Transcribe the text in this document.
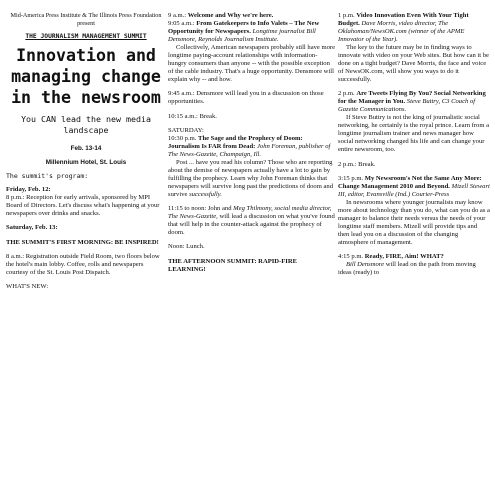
Mid-America Press Institute & The Illinois Press Foundation present

THE JOURNALISM MANAGEMENT SUMMIT
Innovation and managing change in the newsroom
You CAN lead the new media landscape
Feb. 13-14
Millennium Hotel, St. Louis
The summit's program:

Friday, Feb. 12:
8 p.m.: Reception for early arrivals, sponsored by MPI Board of Directors. Let's discuss what's happening at your newspapers over drinks and snacks.

Saturday, Feb. 13:

THE SUMMIT'S FIRST MORNING: BE INSPIRED!

8 a.m.: Registration outside Field Room, two floors below the hotel's main lobby. Coffee, rolls and newspapers courtesy of the St. Louis Post Dispatch.

WHAT'S NEW:

9 a.m.: Welcome and Why we're here.
9:05 a.m.: From Gatekeepers to Info Valets – The New Opportunity for Newspapers. Longtime journalist Bill Densmore, Reynolds Journalism Institute.
Collectively, American newspapers probably still have more longtime paying-account relationships with information-hungry consumers than anyone -- with the possible exception of the cable industry. That's a huge opportunity. Densmore will explain why -- and how.

9:45 a.m.: Densmore will lead you in a discussion on those opportunities.

10:15 a.m.: Break.

SATURDAY:
10:30 p.m. The Sage and the Prophecy of Doom: Journalism Is FAR from Dead: John Foreman, publisher of The News-Gazette, Champaign, Ill.
Post ... have you read his column? Those who are reporting about the demise of newspapers actually have a lot to gain by fulfilling the prophecy. Learn why John Foreman thinks that newspapers will survive long past the predictions of doom and survive successfully.

11:15 to noon: John and Meg Thilmony, social media director, The News-Gazette, will lead a discussion on what you've found that will help in the counter-attack against the prophecy of doom.

Noon: Lunch.

THE AFTERNOON SUMMIT: RAPID-FIRE LEARNING!

1 p.m. Video Innovation Even With Your Tight Budget. Dave Morris, video director, The Oklahoman/NewsOK.com (winner of the APME Innovator of the Year).
The key to the future may be in finding ways to innovate with video on your Web sites. But how can it be done on a tight budget? Dave Morris, the face and voice of NewsOK.com, will show you ways to do it successfully.

2 p.m. Are Tweets Flying By You? Social Networking for the Manager in You. Steve Buttry, C3 Coach of Gazette Communications.
If Steve Buttry is not the king of journalistic social networking, he certainly is the royal prince. Learn from a longtime journalism trainer and news manager how social networking changed his life and can change your entire newsroom, too.

2 p.m.: Break.

3:15 p.m. My Newsroom's Not the Same Any More: Change Management 2010 and Beyond. Mizell Stewart III, editor, Evansville (Ind.) Courier-Press
In newsrooms where younger journalists may know more about technology than you do, what can you do as a manager to balance their needs versus the needs of your longtime staff members. Mizell will provide tips and then lead you on a discussion of the changing atmosphere of management.

4:15 p.m. Ready, FIRE, Aim! WHAT?
Bill Densmore will lead on the path from moving ideas (ready) to
